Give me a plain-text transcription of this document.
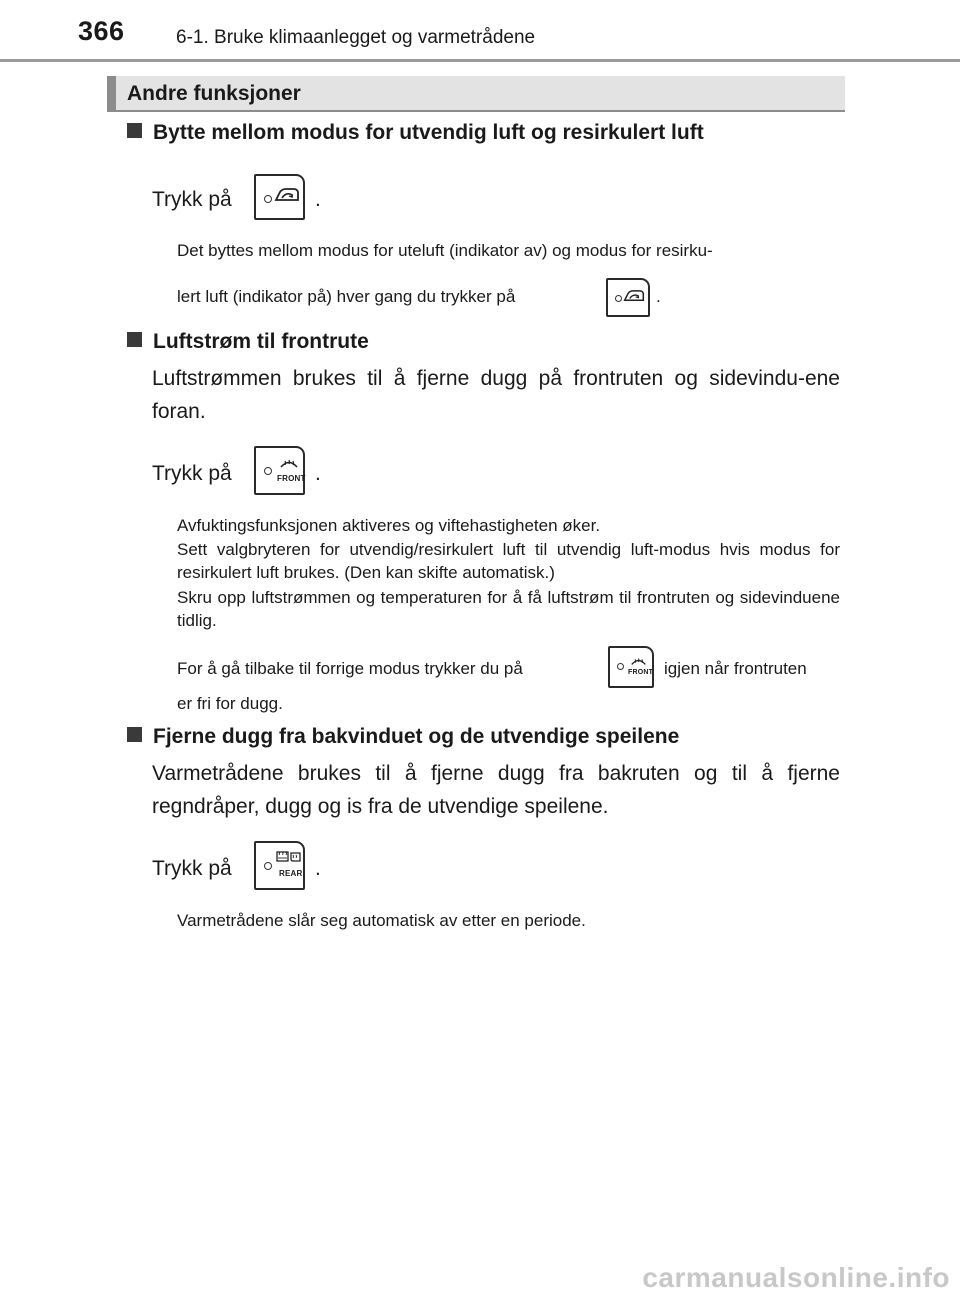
366	6-1. Bruke klimaanlegget og varmetrådene
Andre funksjoner
Bytte mellom modus for utvendig luft og resirkulert luft
Trykk på	.
Det byttes mellom modus for uteluft (indikator av) og modus for resirku-
lert luft (indikator på) hver gang du trykker på	.
Luftstrøm til frontrute
Luftstrømmen brukes til å fjerne dugg på frontruten og sidevindu-ene foran.
Trykk på	FRONT .
Avfuktingsfunksjonen aktiveres og viftehastigheten øker.
Sett valgbryteren for utvendig/resirkulert luft til utvendig luft-modus hvis modus for resirkulert luft brukes. (Den kan skifte automatisk.)
Skru opp luftstrømmen og temperaturen for å få luftstrøm til frontruten og sidevinduene tidlig.
For å gå tilbake til forrige modus trykker du på	FRONT igjen når frontruten
er fri for dugg.
Fjerne dugg fra bakvinduet og de utvendige speilene
Varmetrådene brukes til å fjerne dugg fra bakruten og til å fjerne regndråper, dugg og is fra de utvendige speilene.
Trykk på	REAR .
Varmetrådene slår seg automatisk av etter en periode.
carmanualsonline.info
